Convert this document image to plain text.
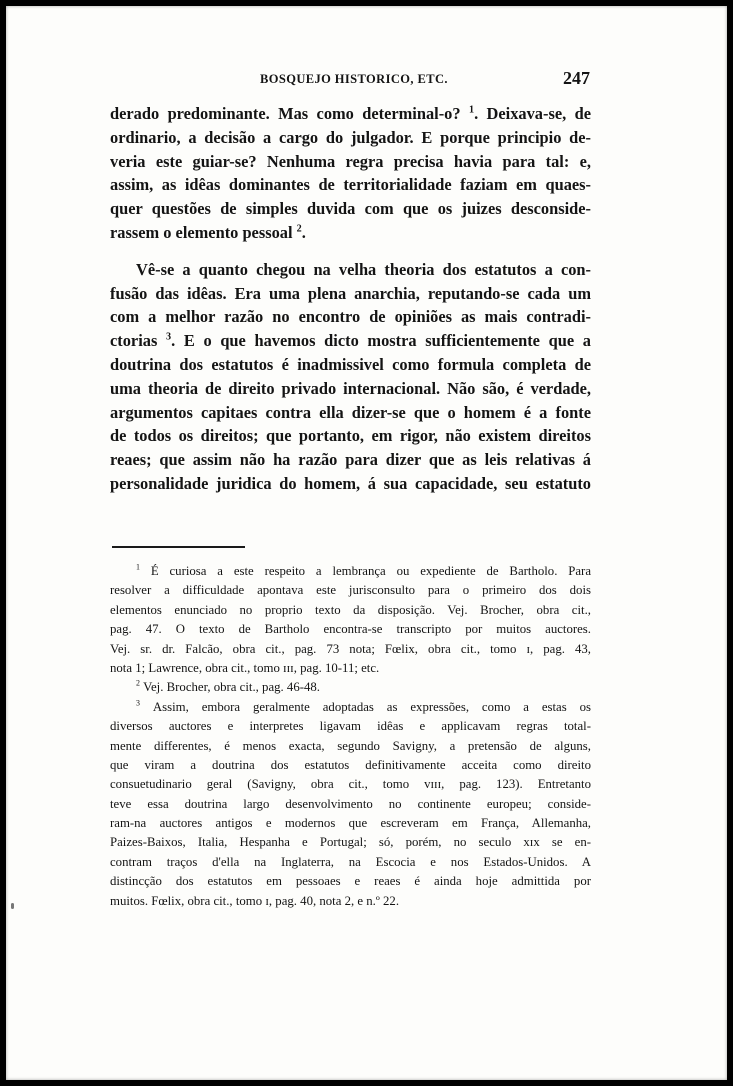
BOSQUEJO HISTORICO, ETC.	247
derado predominante. Mas como determinal-o? $^1$. Deixava-se, de
ordinario, a decisão a cargo do julgador. E porque principio de-
veria este guiar-se? Nenhuma regra precisa havia para tal: e,
assim, as idêas dominantes de territorialidade faziam em quaes-
quer questões de simples duvida com que os juizes desconside-
rassem o elemento pessoal $^2$.
Vê-se a quanto chegou na velha theoria dos estatutos a con-
fusão das idêas. Era uma plena anarchia, reputando-se cada um
com a melhor razão no encontro de opiniões as mais contradi-
ctorias $^3$. E o que havemos dicto mostra sufficientemente que a
doutrina dos estatutos é inadmissivel como formula completa de
uma theoria de direito privado internacional. Não são, é verdade,
argumentos capitaes contra ella dizer-se que o homem é a fonte
de todos os direitos; que portanto, em rigor, não existem direitos
reaes; que assim não ha razão para dizer que as leis relativas á
personalidade juridica do homem, á sua capacidade, seu estatuto
$^1$ É curiosa a este respeito a lembrança ou expediente de Bartholo. Para
resolver a difficuldade apontava este jurisconsulto para o primeiro dos dois
elementos enunciado no proprio texto da disposição. Vej. Brocher, obra cit.,
pag. 47. O texto de Bartholo encontra-se transcripto por muitos auctores.
Vej. sr. dr. Falcão, obra cit., pag. 73 nota; Fœlix, obra cit., tomo ɪ, pag. 43,
nota 1; Lawrence, obra cit., tomo ɪɪɪ, pag. 10-11; etc.
$^2$ Vej. Brocher, obra cit., pag. 46-48.
$^3$ Assim, embora geralmente adoptadas as expressões, como a estas os
diversos auctores e interpretes ligavam idêas e applicavam regras total-
mente differentes, é menos exacta, segundo Savigny, a pretensão de alguns,
que viram a doutrina dos estatutos definitivamente acceita como direito
consuetudinario geral (Savigny, obra cit., tomo ᴠɪɪɪ, pag. 123). Entretanto
teve essa doutrina largo desenvolvimento no continente europeu; conside-
ram-na auctores antigos e modernos que escreveram em França, Allemanha,
Paizes-Baixos, Italia, Hespanha e Portugal; só, porém, no seculo xɪx se en-
contram traços d'ella na Inglaterra, na Escocia e nos Estados-Unidos. A
distincção dos estatutos em pessoaes e reaes é ainda hoje admittida por
muitos. Fœlix, obra cit., tomo ɪ, pag. 40, nota 2, e n.º 22.
